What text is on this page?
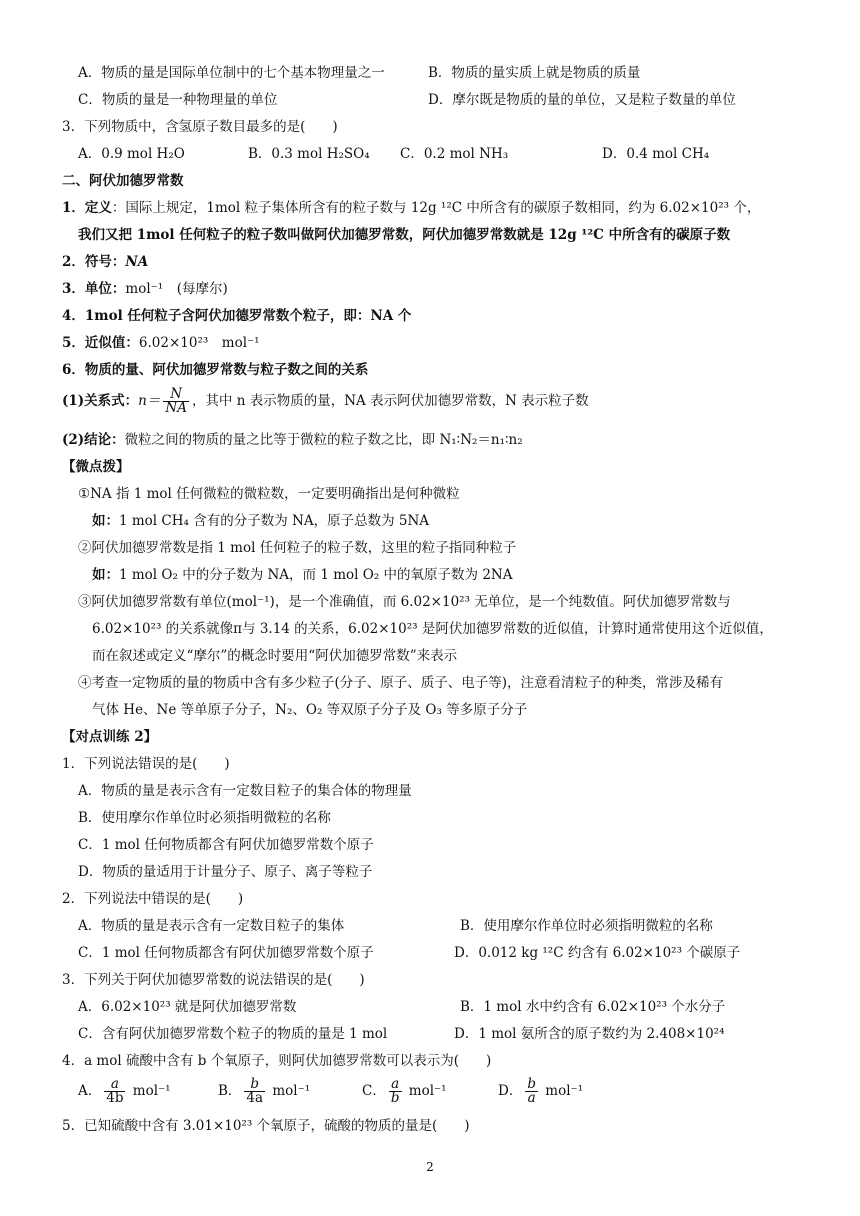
A．物质的量是国际单位制中的七个基本物理量之一	B．物质的量实质上就是物质的质量
C．物质的量是一种物理量的单位	D．摩尔既是物质的量的单位，又是粒子数量的单位
3．下列物质中，含氢原子数目最多的是(　　)
A．0.9 mol H₂O	B．0.3 mol H₂SO₄ C．0.2 mol NH₃	D．0.4 mol CH₄
二、阿伏加德罗常数
1．定义：国际上规定，1mol 粒子集体所含有的粒子数与 12g ¹²C 中所含有的碳原子数相同，约为 6.02×10²³ 个，
我们又把 1mol 任何粒子的粒子数叫做阿伏加德罗常数，阿伏加德罗常数就是 12g ¹²C 中所含有的碳原子数
2．符号：NA
3．单位：mol⁻¹　(每摩尔)
4．1mol 任何粒子含阿伏加德罗常数个粒子，即：NA 个
5．近似值：6.02×10²³　mol⁻¹
6．物质的量、阿伏加德罗常数与粒子数之间的关系
(1)关系式：$n= \frac{N}{NA}$ ，其中 n 表示物质的量，NA 表示阿伏加德罗常数，N 表示粒子数
(2)结论：微粒之间的物质的量之比等于微粒的粒子数之比，即 N₁∶N₂＝n₁∶n₂
【微点拨】
①NA 指 1 mol 任何微粒的微粒数，一定要明确指出是何种微粒
如：1 mol CH₄ 含有的分子数为 NA，原子总数为 5NA
②阿伏加德罗常数是指 1 mol 任何粒子的粒子数，这里的粒子指同种粒子
如：1 mol O₂ 中的分子数为 NA，而 1 mol O₂ 中的氧原子数为 2NA
③阿伏加德罗常数有单位(mol⁻¹)，是一个准确值，而 6.02×10²³ 无单位，是一个纯数值。阿伏加德罗常数与
6.02×10²³ 的关系就像π与 3.14 的关系，6.02×10²³ 是阿伏加德罗常数的近似值，计算时通常使用这个近似值，
而在叙述或定义“摩尔”的概念时要用“阿伏加德罗常数”来表示
④考查一定物质的量的物质中含有多少粒子(分子、原子、质子、电子等)，注意看清粒子的种类，常涉及稀有
气体 He、Ne 等单原子分子，N₂、O₂ 等双原子分子及 O₃ 等多原子分子
【对点训练 2】
1．下列说法错误的是(　　)
A．物质的量是表示含有一定数目粒子的集合体的物理量
B．使用摩尔作单位时必须指明微粒的名称
C．1 mol 任何物质都含有阿伏加德罗常数个原子
D．物质的量适用于计量分子、原子、离子等粒子
2．下列说法中错误的是(　　)
A．物质的量是表示含有一定数目粒子的集体	B．使用摩尔作单位时必须指明微粒的名称
C．1 mol 任何物质都含有阿伏加德罗常数个原子	D．0.012 kg ¹²C 约含有 6.02×10²³ 个碳原子
3．下列关于阿伏加德罗常数的说法错误的是(　　)
A．6.02×10²³ 就是阿伏加德罗常数	B．1 mol 水中约含有 6.02×10²³ 个水分子
C．含有阿伏加德罗常数个粒子的物质的量是 1 mol	D．1 mol 氨所含的原子数约为 2.408×10²⁴
4．a mol 硫酸中含有 b 个氧原子，则阿伏加德罗常数可以表示为(　　)
A． $\frac{a}{4b} mol^{-1}$	B． $\frac{b}{4a} mol^{-1}$	C． $\frac{a}{b} mol^{-1}$	D． $\frac{b}{a} mol^{-1}$
5．已知硫酸中含有 3.01×10²³ 个氧原子，硫酸的物质的量是(　　)
2
